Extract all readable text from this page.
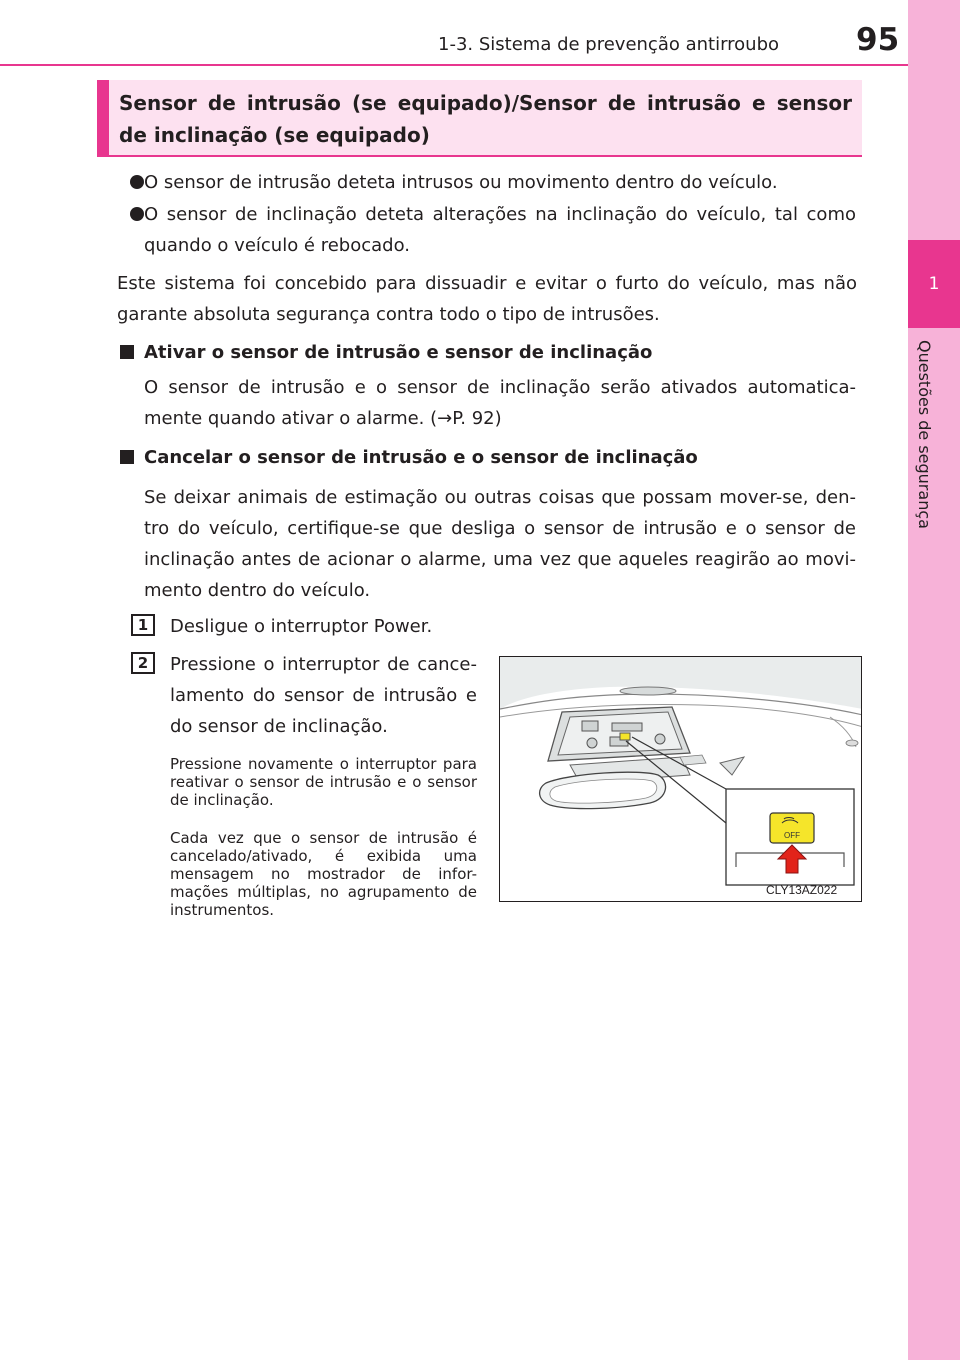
1
Questões de segurança
1-3. Sistema de prevenção antirroubo 95
Sensor de intrusão (se equipado)/Sensor de intrusão e sensor de inclinação (se equipado)
O sensor de intrusão deteta intrusos ou movimento dentro do veículo.
O sensor de inclinação deteta alterações na inclinação do veículo, tal como quando o veículo é rebocado.
Este sistema foi concebido para dissuadir e evitar o furto do veículo, mas não garante absoluta segurança contra todo o tipo de intrusões.
Ativar o sensor de intrusão e sensor de inclinação
O sensor de intrusão e o sensor de inclinação serão ativados automatica-mente quando ativar o alarme. (→P. 92)
Cancelar o sensor de intrusão e o sensor de inclinação
Se deixar animais de estimação ou outras coisas que possam mover-se, den-tro do veículo, certifique-se que desliga o sensor de intrusão e o sensor de inclinação antes de acionar o alarme, uma vez que aqueles reagirão ao movi-mento dentro do veículo.
1	Desligue o interruptor Power.
2	Pressione o interruptor de cance-lamento do sensor de intrusão e do sensor de inclinação.
Pressione novamente o interruptor para reativar o sensor de intrusão e o sensor de inclinação.
Cada vez que o sensor de intrusão é cancelado/ativado, é exibida uma mensagem no mostrador de infor-mações múltiplas, no agrupamento de instrumentos.
OFF
CLY13AZ022
